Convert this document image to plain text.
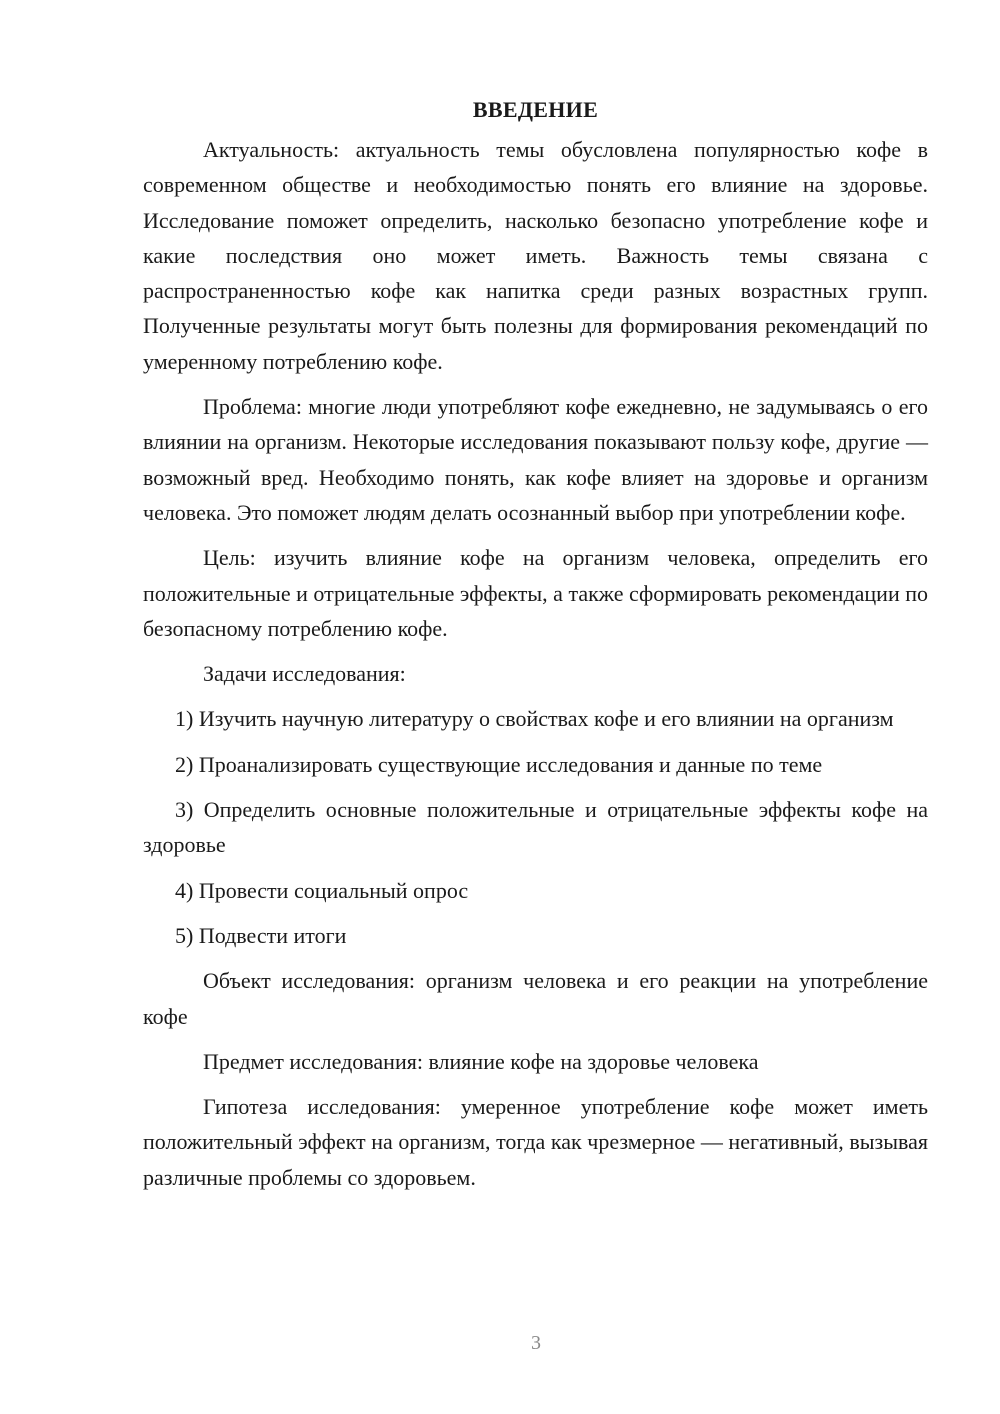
ВВЕДЕНИЕ

Актуальность: актуальность темы обусловлена популярностью кофе в современном обществе и необходимостью понять его влияние на здоровье. Исследование поможет определить, насколько безопасно употребление кофе и какие последствия оно может иметь. Важность темы связана с распространенностью кофе как напитка среди разных возрастных групп. Полученные результаты могут быть полезны для формирования рекомендаций по умеренному потреблению кофе.

Проблема: многие люди употребляют кофе ежедневно, не задумываясь о его влиянии на организм. Некоторые исследования показывают пользу кофе, другие — возможный вред. Необходимо понять, как кофе влияет на здоровье и организм человека. Это поможет людям делать осознанный выбор при употреблении кофе.

Цель: изучить влияние кофе на организм человека, определить его положительные и отрицательные эффекты, а также сформировать рекомендации по безопасному потреблению кофе.

Задачи исследования:

1) Изучить научную литературу о свойствах кофе и его влиянии на организм

2) Проанализировать существующие исследования и данные по теме

3) Определить основные положительные и отрицательные эффекты кофе на здоровье

4) Провести социальный опрос

5) Подвести итоги

Объект исследования: организм человека и его реакции на употребление кофе

Предмет исследования: влияние кофе на здоровье человека

Гипотеза исследования: умеренное употребление кофе может иметь положительный эффект на организм, тогда как чрезмерное — негативный, вызывая различные проблемы со здоровьем.

3
